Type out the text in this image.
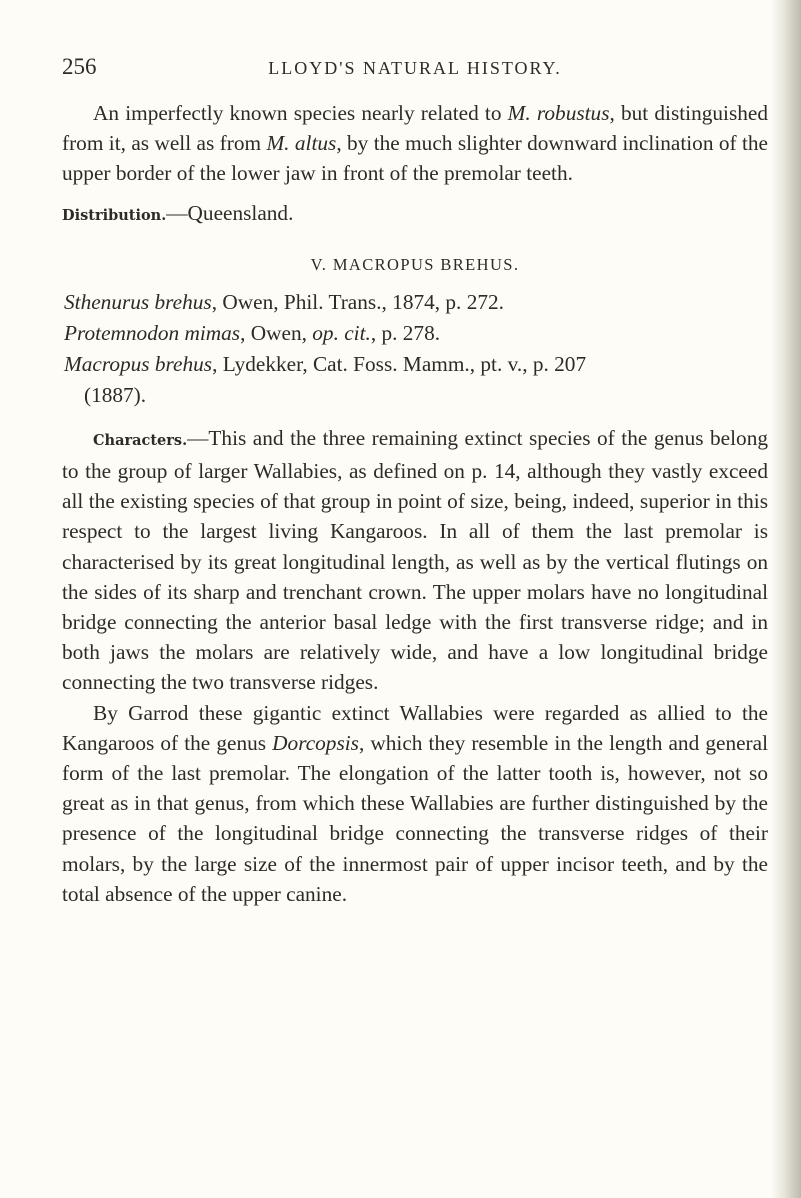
256	LLOYD'S NATURAL HISTORY.

An imperfectly known species nearly related to M. robustus, but distinguished from it, as well as from M. altus, by the much slighter downward inclination of the upper border of the lower jaw in front of the premolar teeth.

Distribution.—Queensland.

V. MACROPUS BREHUS.
Sthenurus brehus, Owen, Phil. Trans., 1874, p. 272.
Protemnodon mimas, Owen, op. cit., p. 278.
Macropus brehus, Lydekker, Cat. Foss. Mamm., pt. v., p. 207
(1887).

Characters.—This and the three remaining extinct species of the genus belong to the group of larger Wallabies, as defined on p. 14, although they vastly exceed all the existing species of that group in point of size, being, indeed, superior in this respect to the largest living Kangaroos. In all of them the last premolar is characterised by its great longitudinal length, as well as by the vertical flutings on the sides of its sharp and trenchant crown. The upper molars have no longitudinal bridge connecting the anterior basal ledge with the first transverse ridge; and in both jaws the molars are relatively wide, and have a low longitudinal bridge connecting the two transverse ridges.

By Garrod these gigantic extinct Wallabies were regarded as allied to the Kangaroos of the genus Dorcopsis, which they resemble in the length and general form of the last premolar. The elongation of the latter tooth is, however, not so great as in that genus, from which these Wallabies are further distinguished by the presence of the longitudinal bridge connecting the transverse ridges of their molars, by the large size of the innermost pair of upper incisor teeth, and by the total absence of the upper canine.
